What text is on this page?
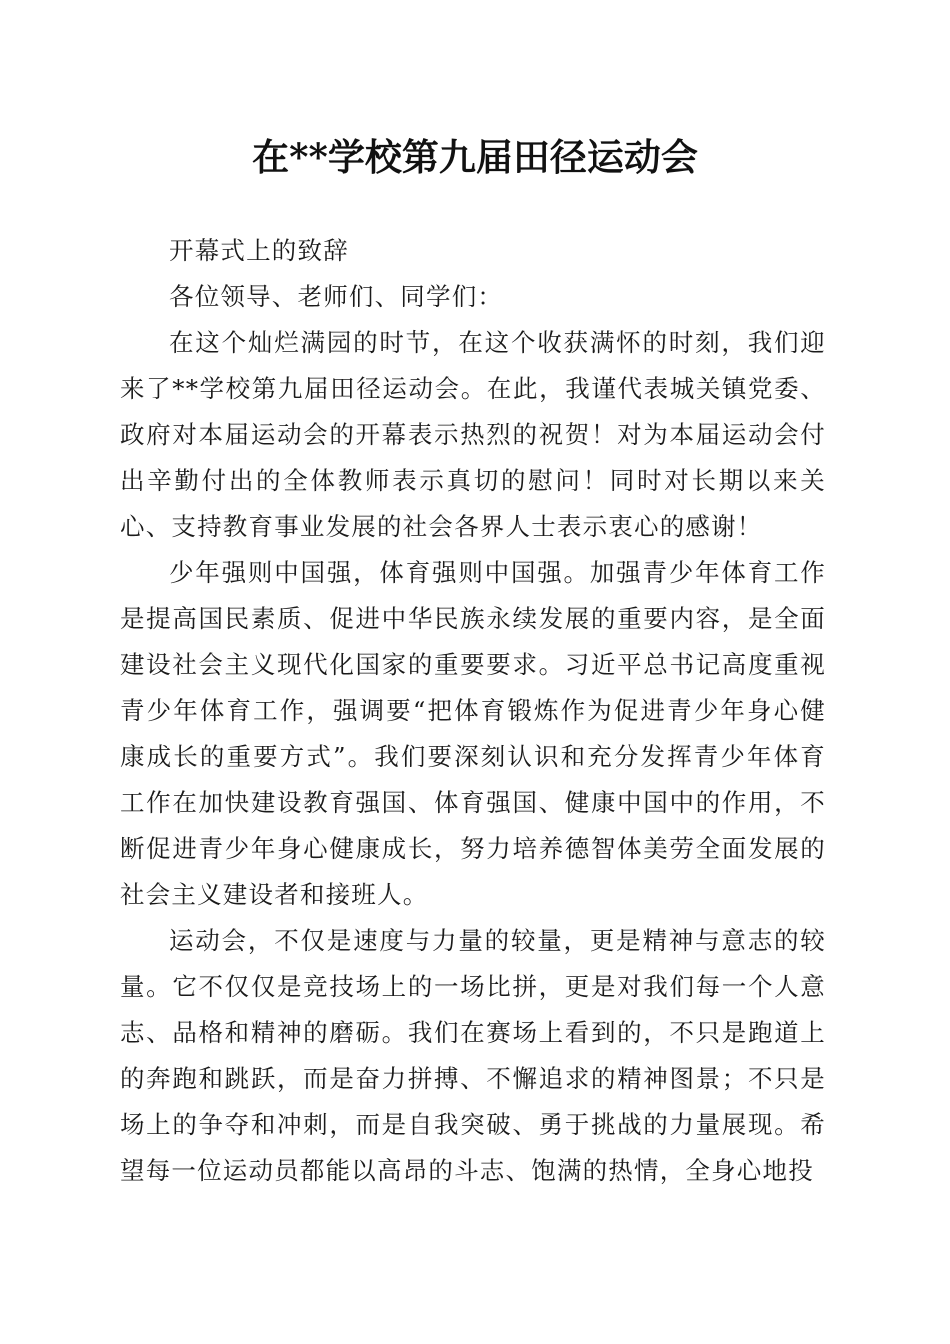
在**学校第九届田径运动会

开幕式上的致辞

各位领导、老师们、同学们：

在这个灿烂满园的时节，在这个收获满怀的时刻，我们迎来了**学校第九届田径运动会。在此，我谨代表城关镇党委、政府对本届运动会的开幕表示热烈的祝贺！对为本届运动会付出辛勤付出的全体教师表示真切的慰问！同时对长期以来关心、支持教育事业发展的社会各界人士表示衷心的感谢！

少年强则中国强，体育强则中国强。加强青少年体育工作是提高国民素质、促进中华民族永续发展的重要内容，是全面建设社会主义现代化国家的重要要求。习近平总书记高度重视青少年体育工作，强调要“把体育锻炼作为促进青少年身心健康成长的重要方式”。我们要深刻认识和充分发挥青少年体育工作在加快建设教育强国、体育强国、健康中国中的作用，不断促进青少年身心健康成长，努力培养德智体美劳全面发展的社会主义建设者和接班人。

运动会，不仅是速度与力量的较量，更是精神与意志的较量。它不仅仅是竞技场上的一场比拼，更是对我们每一个人意志、品格和精神的磨砺。我们在赛场上看到的，不只是跑道上的奔跑和跳跃，而是奋力拼搏、不懈追求的精神图景；不只是场上的争夺和冲刺，而是自我突破、勇于挑战的力量展现。希望每一位运动员都能以高昂的斗志、饱满的热情，全身心地投
